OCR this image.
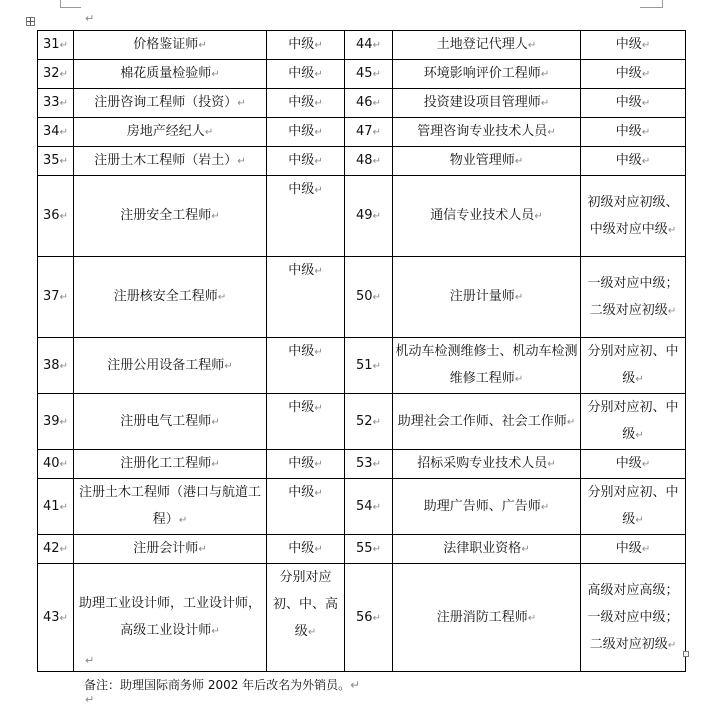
↵
31↵	价格鉴证师↵	中级↵	44↵	土地登记代理人↵	中级↵
32↵	棉花质量检验师↵	中级↵	45↵	环境影响评价工程师↵	中级↵
33↵	注册咨询工程师（投资）↵	中级↵	46↵	投资建设项目管理师↵	中级↵
34↵	房地产经纪人↵	中级↵	47↵	管理咨询专业技术人员↵	中级↵
35↵	注册土木工程师（岩土）↵	中级↵	48↵	物业管理师↵	中级↵
36↵	注册安全工程师↵	中级↵	49↵	通信专业技术人员↵	初级对应初级、中级对应中级↵
37↵	注册核安全工程师↵	中级↵	50↵	注册计量师↵	一级对应中级；二级对应初级↵
38↵	注册公用设备工程师↵	中级↵	51↵	机动车检测维修士、机动车检测维修工程师↵	分别对应初、中级↵
39↵	注册电气工程师↵	中级↵	52↵	助理社会工作师、社会工作师↵	分别对应初、中级↵
40↵	注册化工工程师↵	中级↵	53↵	招标采购专业技术人员↵	中级↵
41↵	注册土木工程师（港口与航道工程）↵	中级↵	54↵	助理广告师、广告师↵	分别对应初、中级↵
42↵	注册会计师↵	中级↵	55↵	法律职业资格↵	中级↵
43↵	助理工业设计师，工业设计师，高级工业设计师↵	分别对应初、中、高级↵	56↵	注册消防工程师↵	高级对应高级；一级对应中级；二级对应初级↵
↵
备注：助理国际商务师 2002 年后改名为外销员。↵
↵
